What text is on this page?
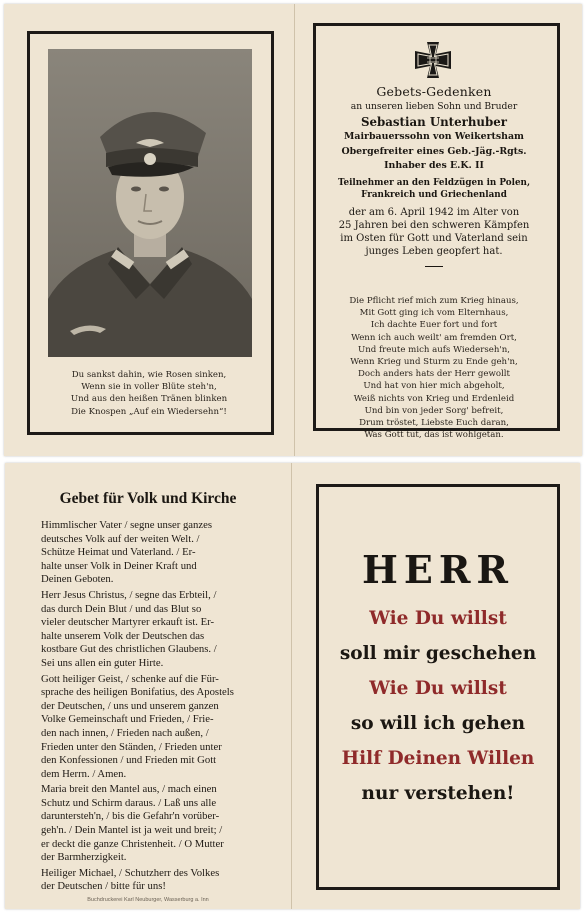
Du sankst dahin, wie Rosen sinken,
Wenn sie in voller Blüte steh'n,
Und aus den heißen Tränen blinken
Die Knospen „Auf ein Wiedersehn“!
Gebets-Gedenken
an unseren lieben Sohn und Bruder
Sebastian Unterhuber
Mairbauerssohn von Weikertsham
Obergefreiter eines Geb.-Jäg.-Rgts.
Inhaber des E.K. II
Teilnehmer an den Feldzügen in Polen,
Frankreich und Griechenland
der am 6. April 1942 im Alter von
25 Jahren bei den schweren Kämpfen
im Osten für Gott und Vaterland sein
junges Leben geopfert hat.
Die Pflicht rief mich zum Krieg hinaus,
Mit Gott ging ich vom Elternhaus,
Ich dachte Euer fort und fort
Wenn ich auch weilt' am fremden Ort,
Und freute mich aufs Wiederseh'n,
Wenn Krieg und Sturm zu Ende geh'n,
Doch anders hats der Herr gewollt
Und hat von hier mich abgeholt,
Weiß nichts von Krieg und Erdenleid
Und bin von jeder Sorg' befreit,
Drum tröstet, Liebste Euch daran,
Was Gott tut, das ist wohlgetan.
Gebet für Volk und Kirche
Himmlischer Vater / segne unser ganzes
deutsches Volk auf der weiten Welt. /
Schütze Heimat und Vaterland. / Er-
halte unser Volk in Deiner Kraft und
Deinen Geboten.
Herr Jesus Christus, / segne das Erbteil, /
das durch Dein Blut / und das Blut so
vieler deutscher Martyrer erkauft ist. Er-
halte unserem Volk der Deutschen das
kostbare Gut des christlichen Glaubens. /
Sei uns allen ein guter Hirte.
Gott heiliger Geist, / schenke auf die Für-
sprache des heiligen Bonifatius, des Apostels
der Deutschen, / uns und unserem ganzen
Volke Gemeinschaft und Frieden, / Frie-
den nach innen, / Frieden nach außen, /
Frieden unter den Ständen, / Frieden unter
den Konfessionen / und Frieden mit Gott
dem Herrn. / Amen.
Maria breit den Mantel aus, / mach einen
Schutz und Schirm daraus. / Laß uns alle
daruntersteh'n, / bis die Gefahr'n vorüber-
geh'n. / Dein Mantel ist ja weit und breit; /
er deckt die ganze Christenheit. / O Mutter
der Barmherzigkeit.
Heiliger Michael, / Schutzherr des Volkes
der Deutschen / bitte für uns!
Buchdruckerei Karl Neuburger, Wasserburg a. Inn
HERR
Wie Du willst
soll mir geschehen
Wie Du willst
so will ich gehen
Hilf Deinen Willen
nur verstehen!
